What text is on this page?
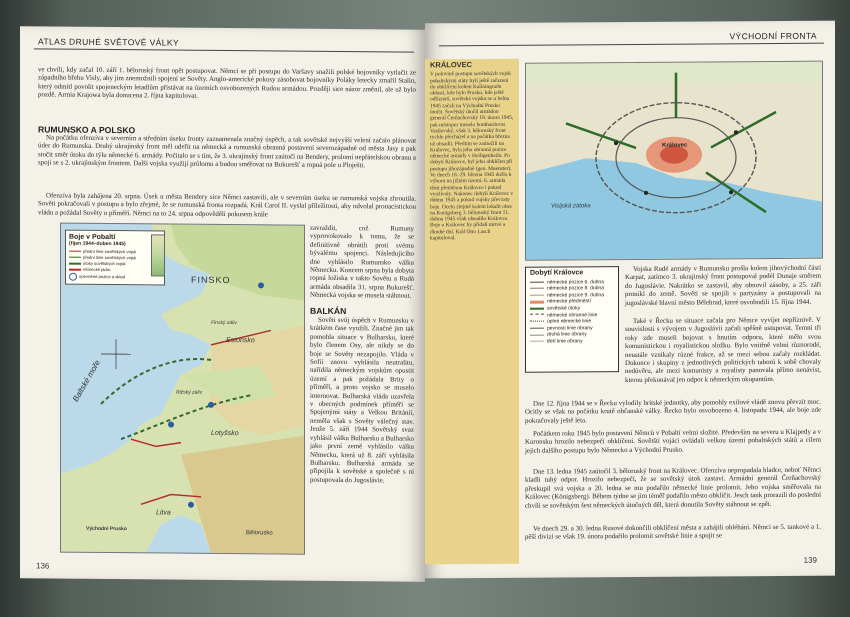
ATLAS DRUHÉ SVĚTOVÉ VÁLKY
ve chvíli, kdy začal 10. září 1. běloruský front opět postupovat. Němci se při postupu do Varšavy snažili polské bojovníky vytlačit ze západního břehu Visly, aby jim znemožnili spojení se Sověty. Anglo-americké pokusy zásobovat bojovníky Poláky letecky zmařil Stalin, který odmítl povolit spojeneckým letadlům přistávat na územích osvobozených Rudou armádou. Později sice názor změnil, ale už bylo pozdě. Armia Krajowa byla donucena 2. října kapitulovat.
RUMUNSKO A POLSKO

Na počátku ofenzíva v severním a středním úseku fronty zaznamenala značný úspěch, a tak sovětské nejvyšší velení začalo plánovat úder do Rumunska. Druhý ukrajinský front měl udeřit na německá a rumunská obranná postavení severozápadně od města Jasy a pak stočit směr útoku do týlu německé 6. armády. Počítalo se s tím, že 3. ukrajinský front zaútočí na Bendery, prolomí nepřátelskou obranu a spojí se s 2. ukrajinským frontem. Další vojska využijí průlomu a budou směřovat na Bukurešť a ropná pole u Ploješti.

Ofenzíva byla zahájena 20. srpna. Úsek u města Bendery sice Němci zastavili, ale v severním úseku se rumunská vojska zhroutila. Sověti pokračovali v postupu a bylo zřejmé, že se rumunská fronta rozpadá. Král Carol II. vyslal příležitosti, aby odvolal pronacistickou vládu a požádal Sověty o příměří. Němci na to 24. srpna odpověděli pokusem krále

Boje v Pobaltí
(říjen 1944–duben 1945)
přední linie sovětských vojsk
přední linie sovětských vojsk
útoky sovětských vojsk
německé jádro
opevněné pozice a sklad	FINSKO
Estonsko
Lotyšsko
Litva
Bělorusko
Baltské moře	Rižský záliv
Finský záliv
Východní Prusko
zavraždit, což Rumuny vyprovokovalo k tomu, že se definitivně obrátili proti svému bývalému spojenci. Následujícího dne vyhlásilo Rumunsko válku Německu. Koncem srpna byla dobyta ropná ložiska v takto Sovětu a Rudá armáda obsadila 31. srpna Bukurešť. Německá vojska se musela stáhnout.
BALKÁN

Sověti svůj úspěch v Rumunsku v krátkém čase využili. Značné jim tak pomohla situace v Bulharsku, které bylo členem Osy, ale nikdy se do boje se Sověty nezapojilo. Vláda v Sofii znovu vyhlásila neutralitu, nařídila německým vojskům opustit území a pak požádala Brity o příměří, a proto vojsko se muselo internovat. Bulharská vláda uzavřela v obecných podmínek příměří se Spojenými státy a Velkou Británií, neměla však s Sověty válečný stav. Jenže 5. září 1944 Sovětský svaz vyhlásil válku Bulharsku a Bulharsko jako první země vyhlásilo válku Německu, která už 8. září vyhlásila Bulharsku. Bulharská armáda se připojila k sovětské a společně s ní postupovala do Jugoslávie.

136
VÝCHODNÍ FRONTA
KRÁLOVEC
V polovině postupu sovětských vojsk pobaltskými státy byli ještě zařazeni do obklíčení kolem Kaliningradu oblasti, kde bylo Prusko, kde ještě odříznutí, sovětská vojska se u ledna 1945 začali na Východní Prusko útočit. Sovětský útočil armádou generál Čerňachovský 18. února 1945, pak místopor muselo bombardovat Vasilevský, však 3. běloruský front rychle přecházel a na počátku března už obsadil. Předtím se zaútočili na Královec, byla jeho obranná pozice německé armády v Heiligenbeilu. Po dobytí Královce, byl jeho obklíčen při postupu jihozápadně (gen. Muenster). Ve dnech 18.-29. března 1945 došlo k výboru na jižním území. 6. armáda těmi přeměnou Královce i pokud využívaly. Nakonec dobyli Královec v dubnu 1945 a pokud vojsky převzaty boje. Ocelu zřejmě kolem lokalit obec na Konigsberg 3. běloruský front 11. dubna 1945 však obsadilo Královce. Boje o Královec by přidali mrtvé a dlouhé dní. Král Otto Lasch kapituloval.
Visijská zátoka
Královec
Dobytí Královce
německé pozice 6. dubna
německé pozice 8. dubna
německé pozice 9. dubna
německé předměstí
sovětské útoky
německé obranné linie
úplné německé linie
pevnosti linie obrany
druhá linie obrany
třetí linie obrany

Vojska Rudé armády v Rumunsku prošla kolem jihovýchodní části Karpat, zatímco 3. ukrajinský front postupoval podél Dunaje směrem do Jugoslávie. Nakrátko se zastavil, aby obnovil zásoby, a 25. září pronikl do země. Sověti se spojili s partyzány a postupovali na jugoslávské hlavní město Bělehrad, které osvobodili 15. října 1944.

Také v Řecku se situace začala pro Němce vyvíjet nepříznivě. V souvislosti s vývojem v Jugoslávii začali spěšně ustupovat. Temní tři roky zde museli bojovat s hnutím odporu, které mělo svou komunistickou i royalistickou složku. Bylo vnitřně velmi různorodé, neustále vznikaly různé frakce, až se mezi sebou začaly rozkládat. Dokonce i skupiny z jednotlivých politických taborů k sobě chovaly nedůvěru, ale mezi komunisty a royalisty panovala přímo nenávist, kterou překonával jen odpor k německým okupantům.

Dne 12. října 1944 se v Řecku vylodily britské jednotky, aby pomohly exilové vládě znovu převzít moc. Ocitly se však na počátku krutě občanské války. Řecko bylo osvobozeno 4. listopadu 1944, ale boje zde pokračovaly ještě léta.

Počátkem roku 1945 bylo postavení Němců v Pobaltí velmi složité. Především na severu u Klajpedy a v Kuronsku hrozilo nebezpečí obklíčení. Sovětští vojáci ovládali velkou území pobaltských států a cílem jejich dalšího postupu bylo Německo a Východní Prusko.

Dne 13. ledna 1945 zaútočil 3. běloruský front na Královec. Ofenzíva nepropadala hladce, neboť Němci kladli tuhý odpor. Hrozilo nebezpečí, že se sovětský útok zastaví. Armádní generál Čerňachovský přeskupil svá vojska a 20. ledna se mu podařilo německé linie prolomit. Jeho vojska směřovala na Královec (Königsberg). Během týdne se jim téměř podařilo město obklíčit. Jesch tank prorazili do poslední chvíli se sovětským šest německých útočných děl, která donutila Sověty stáhnout se zpět.

Ve dnech 29. a 30. ledna Rusové dokončili obklíčení města a zahájili obléhání. Němci se 5. tankové a 1. pěší divizi se však 19. února podařilo prolomit sovětské linie a spojit se

139
